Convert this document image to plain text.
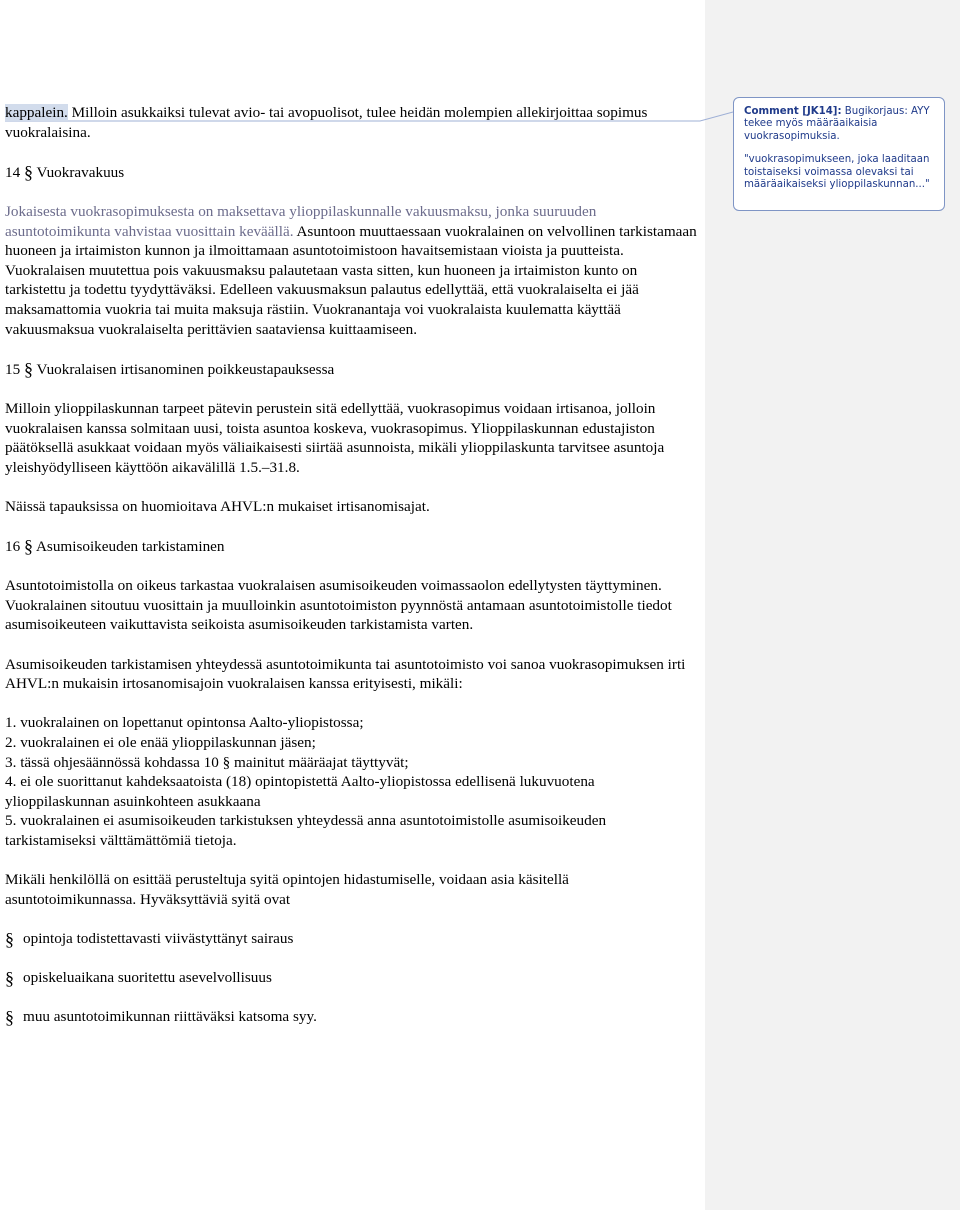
kappalein. Milloin asukkaiksi tulevat avio- tai avopuolisot, tulee heidän molempien allekirjoittaa sopimus vuokralaisina.

14 § Vuokravakuus

Jokaisesta vuokrasopimuksesta on maksettava ylioppilaskunnalle vakuusmaksu, jonka suuruuden asuntotoimikunta vahvistaa vuosittain keväällä. Asuntoon muuttaessaan vuokralainen on velvollinen tarkistamaan huoneen ja irtaimiston kunnon ja ilmoittamaan asuntotoimistoon havaitsemistaan vioista ja puutteista. Vuokralaisen muutettua pois vakuusmaksu palautetaan vasta sitten, kun huoneen ja irtaimiston kunto on tarkistettu ja todettu tyydyttäväksi. Edelleen vakuusmaksun palautus edellyttää, että vuokralaiselta ei jää maksamattomia vuokria tai muita maksuja rästiin. Vuokranantaja voi vuokralaista kuulematta käyttää vakuusmaksua vuokralaiselta perittävien saataviensa kuittaamiseen.

15 § Vuokralaisen irtisanominen poikkeustapauksessa

Milloin ylioppilaskunnan tarpeet pätevin perustein sitä edellyttää, vuokrasopimus voidaan irtisanoa, jolloin vuokralaisen kanssa solmitaan uusi, toista asuntoa koskeva, vuokrasopimus. Ylioppilaskunnan edustajiston päätöksellä asukkaat voidaan myös väliaikaisesti siirtää asunnoista, mikäli ylioppilaskunta tarvitsee asuntoja yleishyödylliseen käyttöön aikavälillä 1.5.–31.8.

Näissä tapauksissa on huomioitava AHVL:n mukaiset irtisanomisajat.

16 § Asumisoikeuden tarkistaminen

Asuntotoimistolla on oikeus tarkastaa vuokralaisen asumisoikeuden voimassaolon edellytysten täyttyminen. Vuokralainen sitoutuu vuosittain ja muulloinkin asuntotoimiston pyynnöstä antamaan asuntotoimistolle tiedot asumisoikeuteen vaikuttavista seikoista asumisoikeuden tarkistamista varten.

Asumisoikeuden tarkistamisen yhteydessä asuntotoimikunta tai asuntotoimisto voi sanoa vuokrasopimuksen irti AHVL:n mukaisin irtosanomisajoin vuokralaisen kanssa erityisesti, mikäli:

1. vuokralainen on lopettanut opintonsa Aalto-yliopistossa;

2. vuokralainen ei ole enää ylioppilaskunnan jäsen;

3. tässä ohjesäännössä kohdassa 10 § mainitut määräajat täyttyvät;

4. ei ole suorittanut kahdeksaatoista (18) opintopistettä Aalto-yliopistossa edellisenä lukuvuotena ylioppilaskunnan asuinkohteen asukkaana

5. vuokralainen ei asumisoikeuden tarkistuksen yhteydessä anna asuntotoimistolle asumisoikeuden tarkistamiseksi välttämättömiä tietoja.

Mikäli henkilöllä on esittää perusteltuja syitä opintojen hidastumiselle, voidaan asia käsitellä asuntotoimikunnassa. Hyväksyttäviä syitä ovat

§ opintoja todistettavasti viivästyttänyt sairaus
§ opiskeluaikana suoritettu asevelvollisuus
§ muu asuntotoimikunnan riittäväksi katsoma syy.
Comment [JK14]: Bugikorjaus: AYY tekee myös määräaikaisia vuokrasopimuksia.
"vuokrasopimukseen, joka laaditaan toistaiseksi voimassa olevaksi tai määräaikaiseksi ylioppilaskunnan..."
